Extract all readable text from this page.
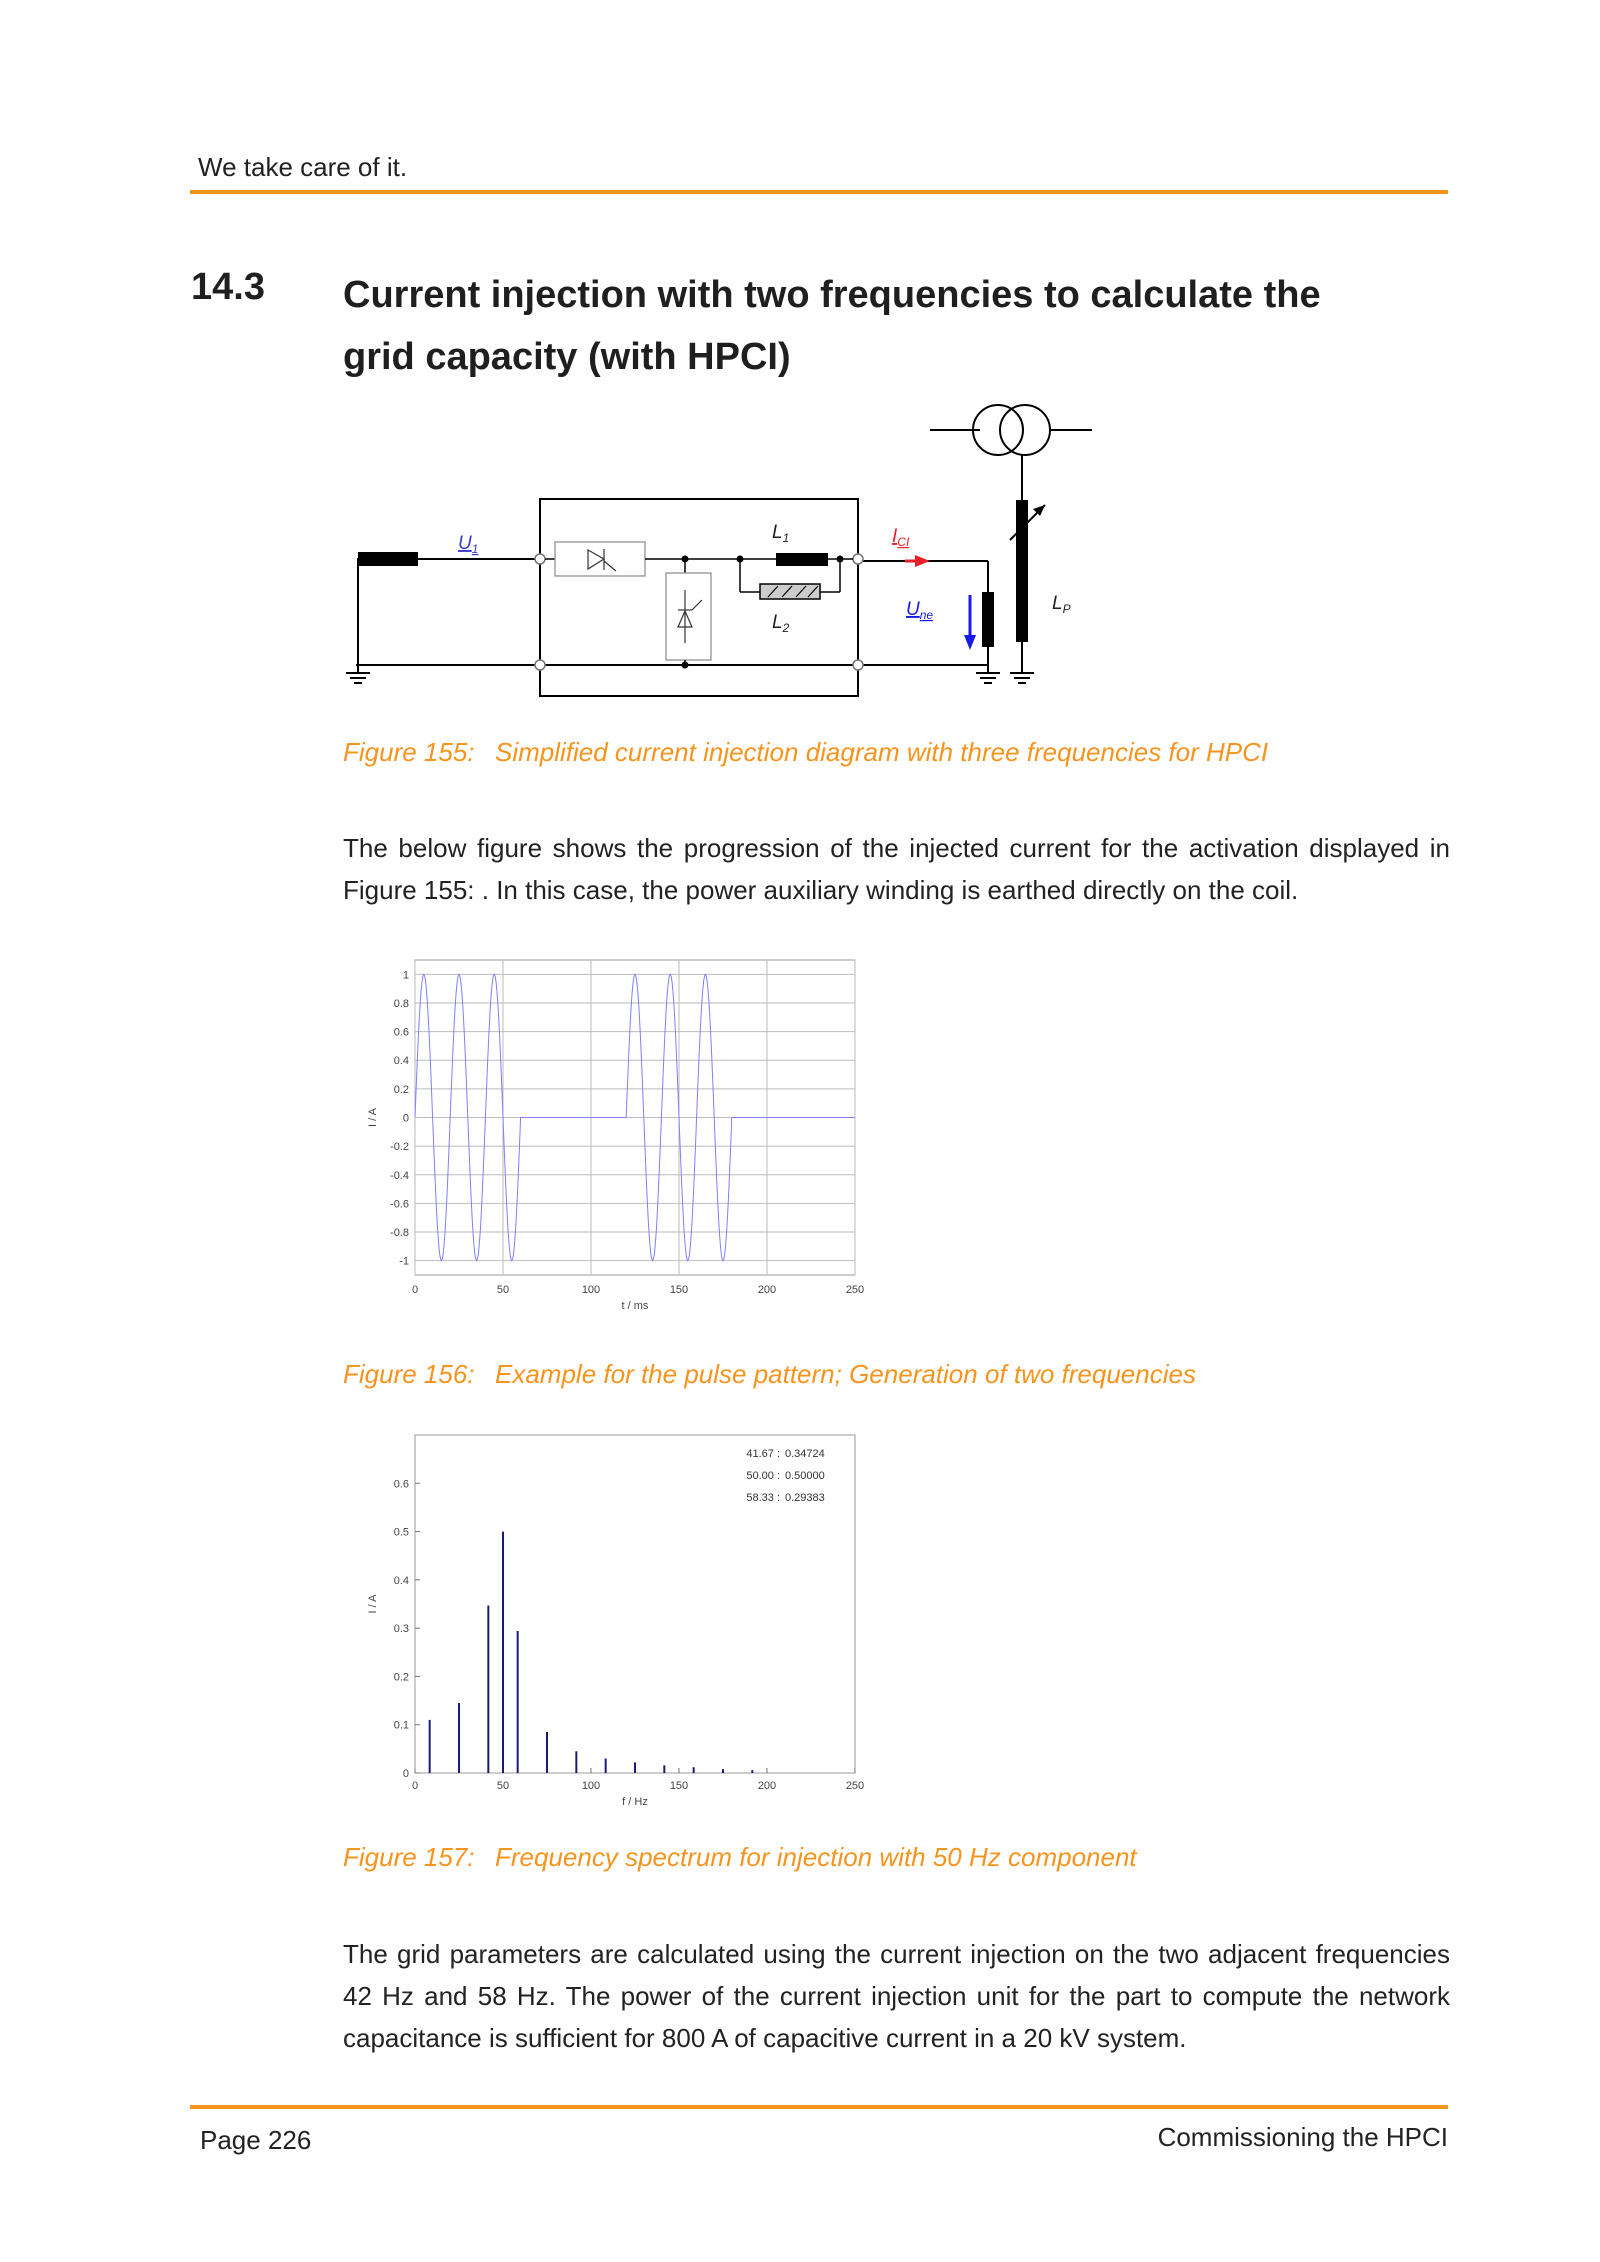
We take care of it.
14.3 Current injection with two frequencies to calculate the grid capacity (with HPCI)
$U_1$
$L_1$
$L_2$
$I_{CI}$
$U_{ne}$
$L_P$
Figure 155: Simplified current injection diagram with three frequencies for HPCI
The below figure shows the progression of the injected current for the activation displayed in Figure 155: . In this case, the power auxiliary winding is earthed directly on the coil.
1
0.8
0.6
0.4
0.2
0
-0.2
-0.4
-0.6
-0.8
-1
0	50	100	150	200	250
t / ms
I / A
Figure 156: Example for the pulse pattern; Generation of two frequencies
0
0.1
0.2
0.3
0.4
0.5
0.6
0	50	100	150	200	250
f / Hz
I / A
41.67 : 0.34724
50.00 : 0.50000
58.33 : 0.29383
Figure 157: Frequency spectrum for injection with 50 Hz component
The grid parameters are calculated using the current injection on the two adjacent frequencies 42 Hz and 58 Hz. The power of the current injection unit for the part to compute the network capacitance is sufficient for 800 A of capacitive current in a 20 kV system.
Page 226	Commissioning the HPCI
